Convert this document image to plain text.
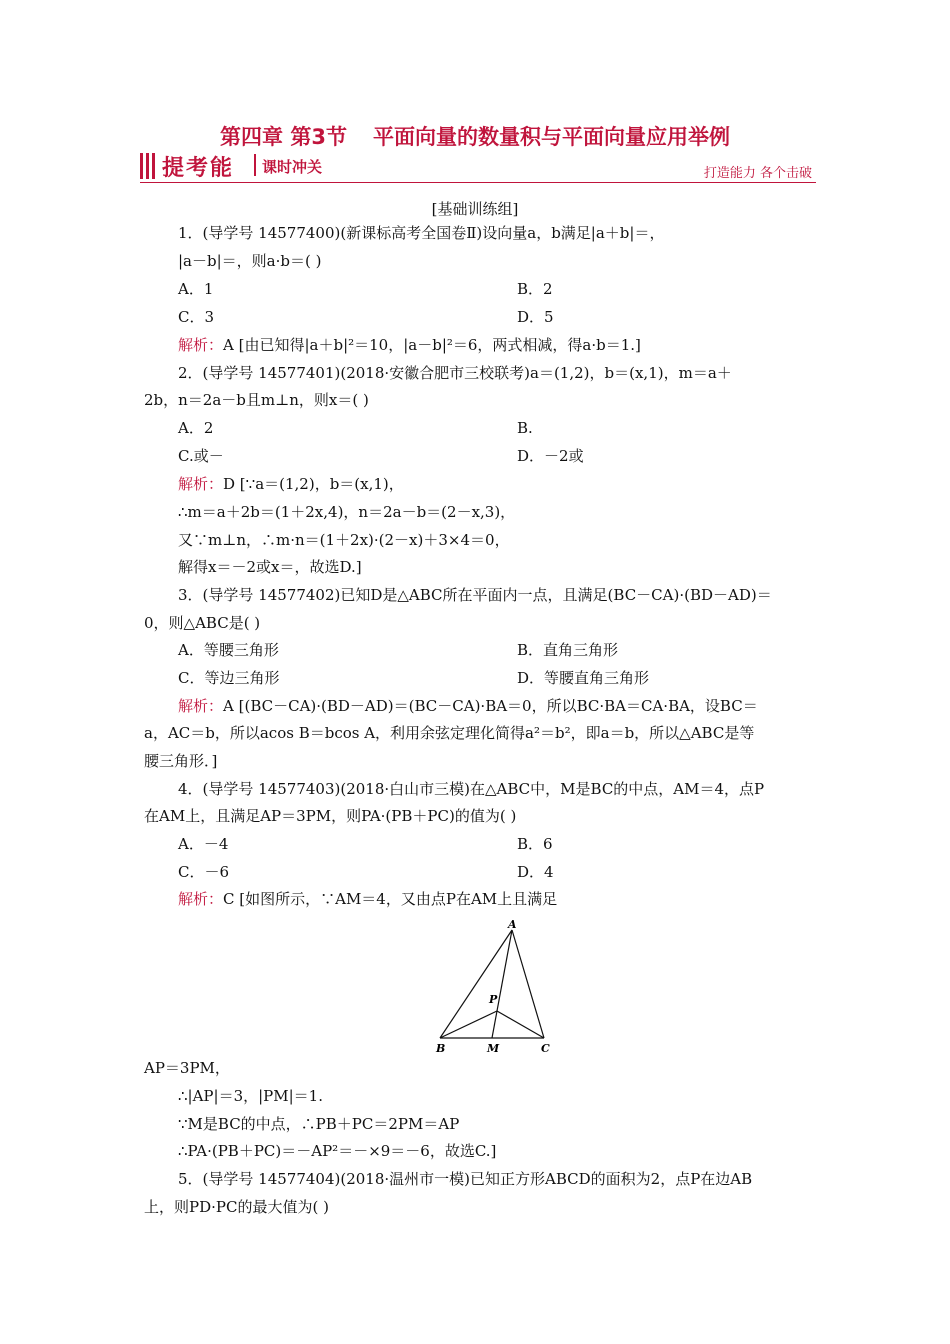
第四章 第3节 平面向量的数量积与平面向量应用举例
提考能 课时冲关	打造能力 各个击破
[基础训练组]
1．(导学号 14577400)(新课标高考全国卷Ⅱ)设向量a，b满足|a＋b|＝，
|a－b|＝，则a·b＝( )
A．1	B．2
C．3	D．5
解析：A [由已知得|a＋b|²＝10，|a－b|²＝6，两式相减，得a·b＝1.]
2．(导学号 14577401)(2018·安徽合肥市三校联考)a＝(1,2)，b＝(x,1)，m＝a＋
2b，n＝2a－b且m⊥n，则x＝( )
A．2	B.
C.或－	D．－2或
解析：D [∵a＝(1,2)，b＝(x,1)，
∴m＝a＋2b＝(1＋2x,4)，n＝2a－b＝(2－x,3)，
又∵m⊥n，∴m·n＝(1＋2x)·(2－x)＋3×4＝0，
解得x＝－2或x＝，故选D.]
3．(导学号 14577402)已知D是△ABC所在平面内一点，且满足(BC－CA)·(BD－AD)＝
0，则△ABC是( )
A．等腰三角形	B．直角三角形
C．等边三角形	D．等腰直角三角形
解析：A [(BC－CA)·(BD－AD)＝(BC－CA)·BA＝0，所以BC·BA＝CA·BA，设BC＝
a，AC＝b，所以acos B＝bcos A，利用余弦定理化简得a²＝b²，即a＝b，所以△ABC是等
腰三角形．]
4．(导学号 14577403)(2018·白山市三模)在△ABC中，M是BC的中点，AM＝4，点P
在AM上，且满足AP＝3PM，则PA·(PB＋PC)的值为( )
A．－4	B．6
C．－6	D．4
解析：C [如图所示，∵AM＝4，又由点P在AM上且满足
A
P
B	M	C
AP＝3PM，
∴|AP|＝3，|PM|＝1.
∵M是BC的中点，∴PB＋PC＝2PM＝AP
∴PA·(PB＋PC)＝－AP²＝－×9＝－6，故选C.]
5．(导学号 14577404)(2018·温州市一模)已知正方形ABCD的面积为2，点P在边AB
上，则PD·PC的最大值为( )
